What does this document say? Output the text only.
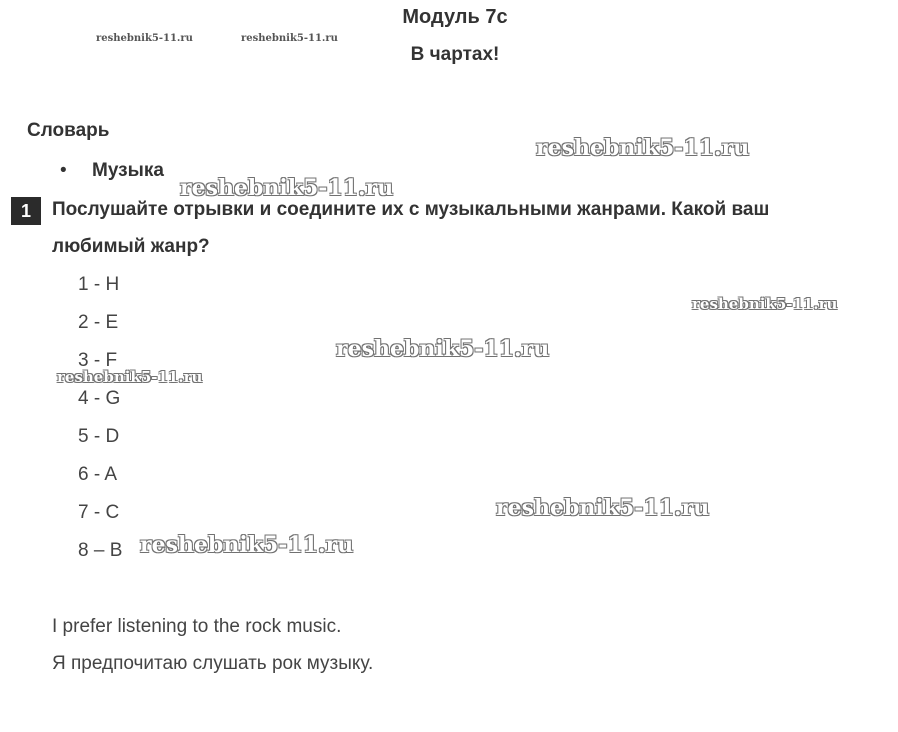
Модуль 7c
В чартах!
reshebnik5-11.ru	reshebnik5-11.ru
Словарь
• Музыка
reshebnik5-11.ru
reshebnik5-11.ru
1	Послушайте отрывки и соедините их с музыкальными жанрами. Какой ваш
любимый жанр?
1 - H
2 - E
3 - F
4 - G
5 - D
6 - A
7 - C
8 – B
reshebnik5-11.ru
reshebnik5-11.ru
reshebnik5-11.ru
reshebnik5-11.ru
reshebnik5-11.ru
I prefer listening to the rock music.
Я предпочитаю слушать рок музыку.
